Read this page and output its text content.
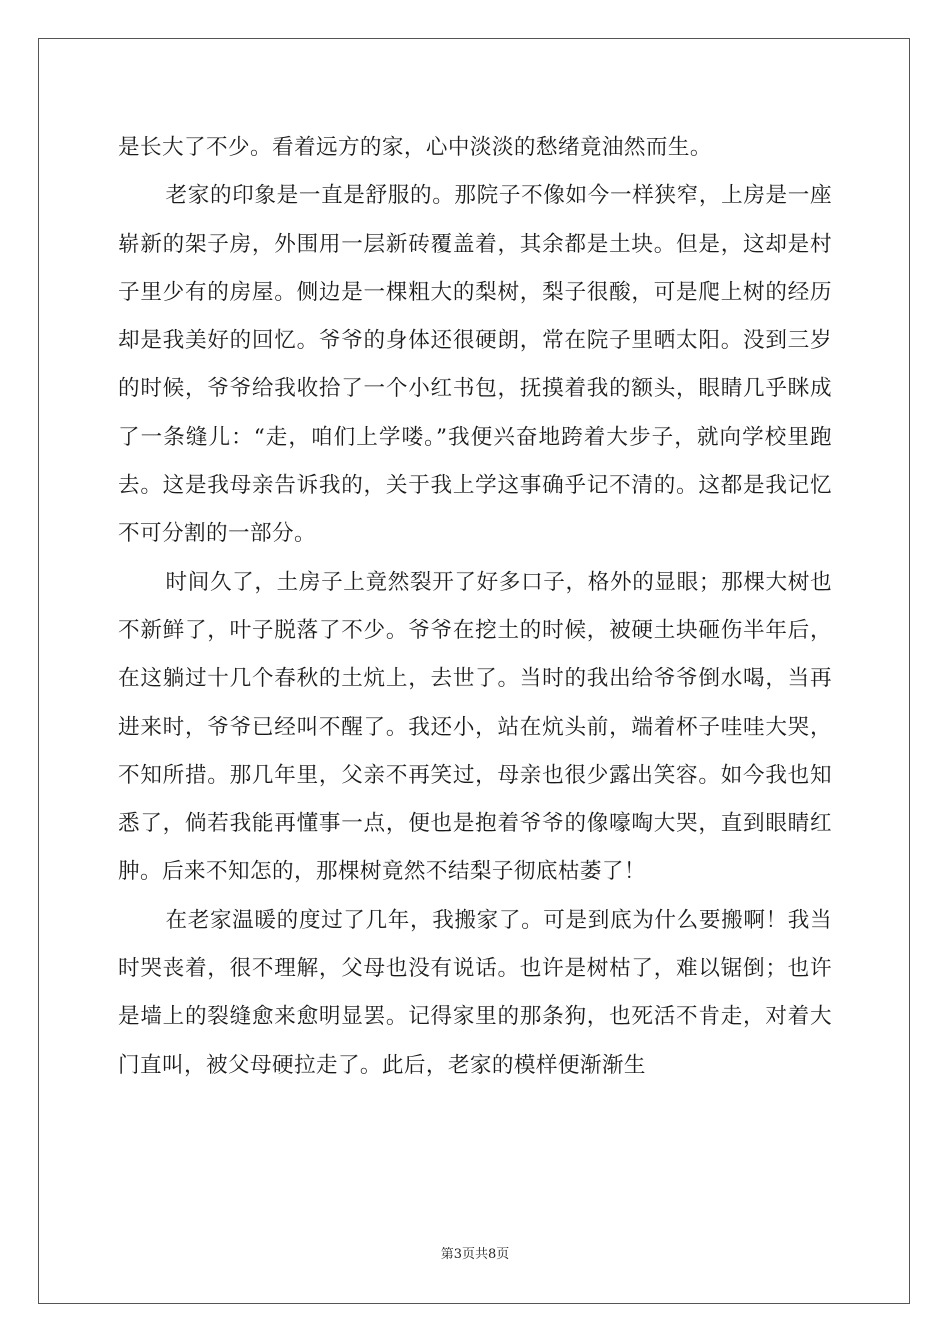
是长大了不少。看着远方的家，心中淡淡的愁绪竟油然而生。

老家的印象是一直是舒服的。那院子不像如今一样狭窄，上房是一座崭新的架子房，外围用一层新砖覆盖着，其余都是土块。但是，这却是村子里少有的房屋。侧边是一棵粗大的梨树，梨子很酸，可是爬上树的经历却是我美好的回忆。爷爷的身体还很硬朗，常在院子里晒太阳。没到三岁的时候，爷爷给我收拾了一个小红书包，抚摸着我的额头，眼睛几乎眯成了一条缝儿：“走，咱们上学喽。”我便兴奋地跨着大步子，就向学校里跑去。这是我母亲告诉我的，关于我上学这事确乎记不清的。这都是我记忆不可分割的一部分。

时间久了，土房子上竟然裂开了好多口子，格外的显眼；那棵大树也不新鲜了，叶子脱落了不少。爷爷在挖土的时候，被硬土块砸伤半年后，在这躺过十几个春秋的土炕上，去世了。当时的我出给爷爷倒水喝，当再进来时，爷爷已经叫不醒了。我还小，站在炕头前，端着杯子哇哇大哭，不知所措。那几年里，父亲不再笑过，母亲也很少露出笑容。如今我也知悉了，倘若我能再懂事一点，便也是抱着爷爷的像嚎啕大哭，直到眼睛红肿。后来不知怎的，那棵树竟然不结梨子彻底枯萎了！

在老家温暖的度过了几年，我搬家了。可是到底为什么要搬啊！我当时哭丧着，很不理解，父母也没有说话。也许是树枯了，难以锯倒；也许是墙上的裂缝愈来愈明显罢。记得家里的那条狗，也死活不肯走，对着大门直叫，被父母硬拉走了。此后，老家的模样便渐渐生

第3页共8页
